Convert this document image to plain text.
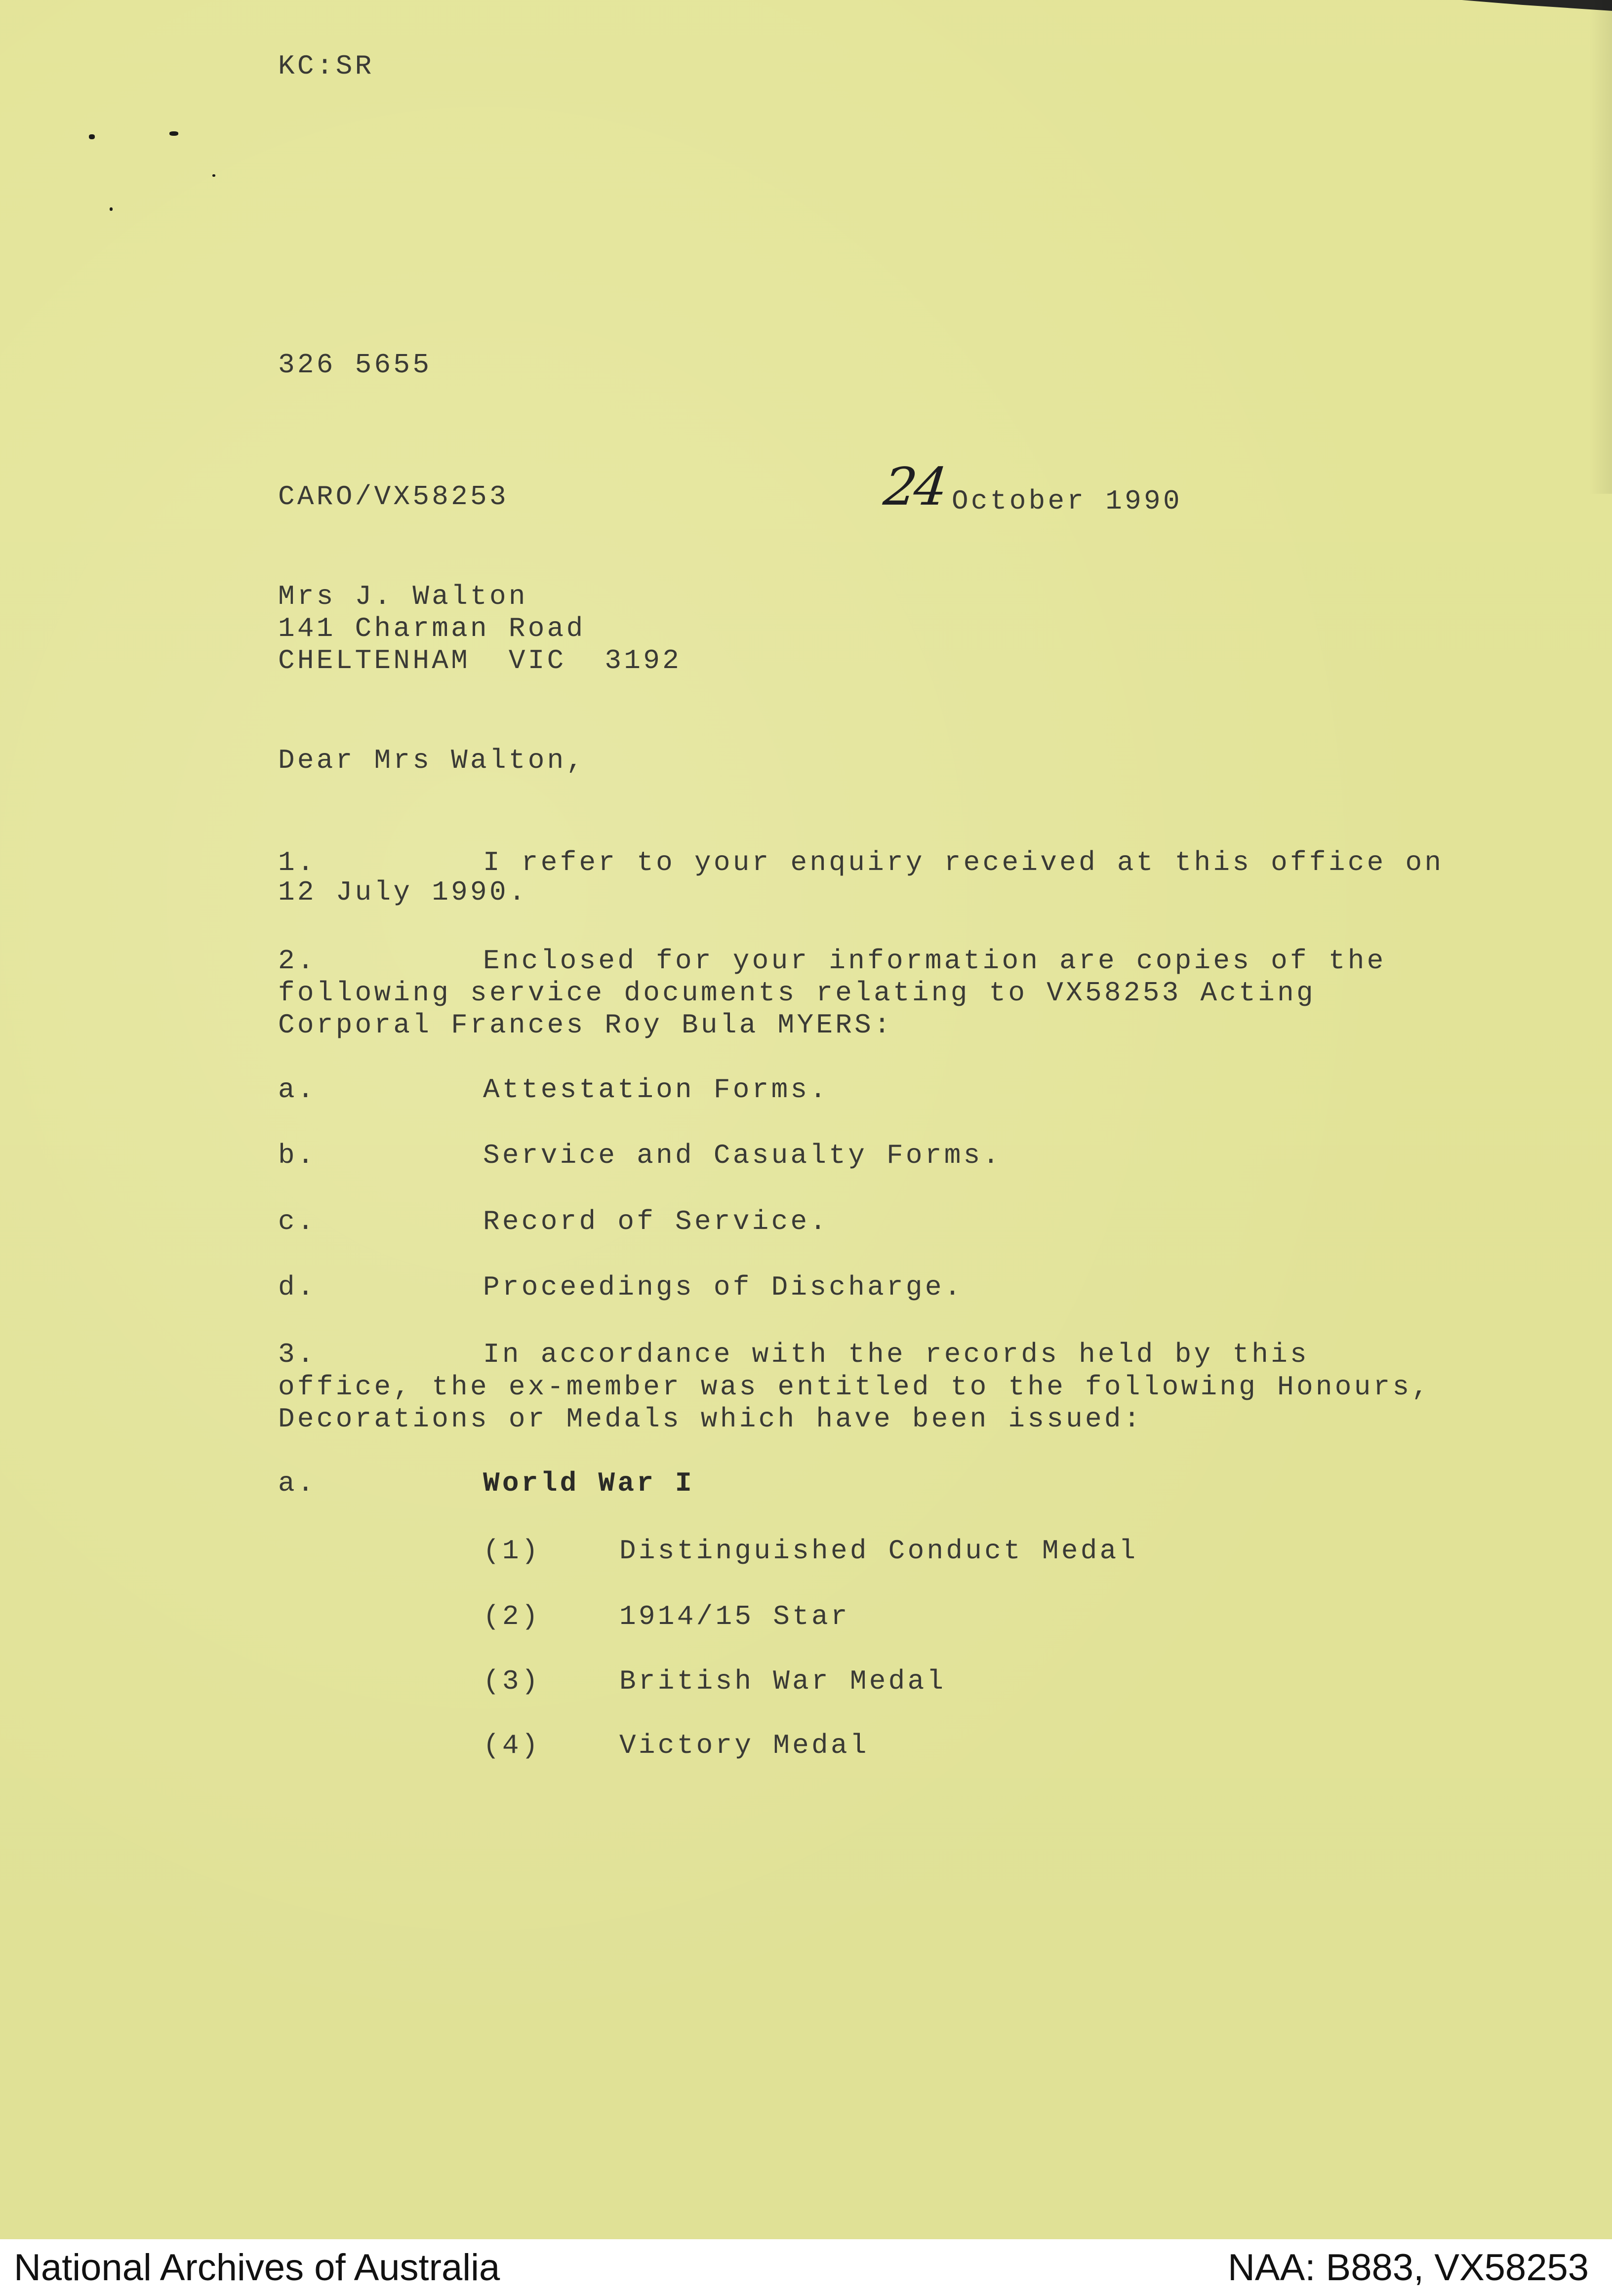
KC:SR
326 5655
CARO/VX58253	24 October 1990
Mrs J. Walton
141 Charman Road
CHELTENHAM  VIC  3192
Dear Mrs Walton,
1.	I refer to your enquiry received at this office on
12 July 1990.
2.	Enclosed for your information are copies of the
following service documents relating to VX58253 Acting
Corporal Frances Roy Bula MYERS:
a.	Attestation Forms.
b.	Service and Casualty Forms.
c.	Record of Service.
d.	Proceedings of Discharge.
3.	In accordance with the records held by this
office, the ex-member was entitled to the following Honours,
Decorations or Medals which have been issued:
a.	World War I
(1)	Distinguished Conduct Medal
(2)	1914/15 Star
(3)	British War Medal
(4)	Victory Medal
National Archives of Australia	NAA: B883, VX58253
